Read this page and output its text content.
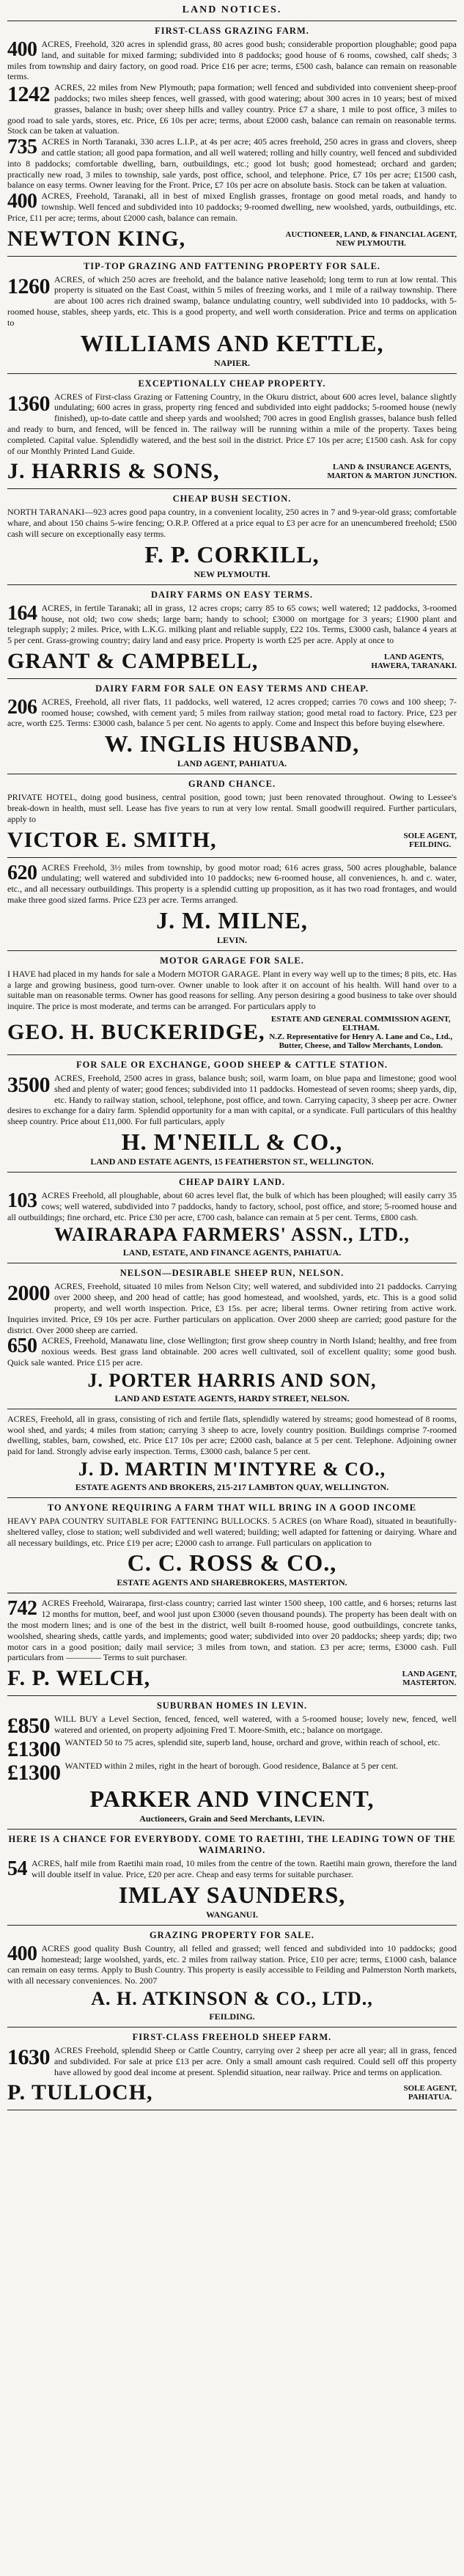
LAND NOTICES.
FIRST-CLASS GRAZING FARM.
400 ACRES, Freehold, 320 acres in splendid grass, 80 acres good bush; considerable proportion ploughable; good papa land, and suitable for mixed farming; subdivided into 8 paddocks; good house of 6 rooms, cowshed, calf sheds; 3 miles from township and dairy factory, on good road. Price £16 per acre; terms, £500 cash, balance can remain on reasonable terms.
1242 ACRES, 22 miles from New Plymouth; papa formation; well fenced and subdivided into convenient sheep-proof paddocks; two miles sheep fences, well grassed, with good watering; about 300 acres in 10 years; best of mixed grasses, balance in bush; over sheep hills and valley country. Price £7 a share, 1 mile to post office, 3 miles to good road to sale yards, stores, etc. Price, £6 10s per acre; terms, about £2000 cash, balance can remain on reasonable terms. Stock can be taken at valuation.
735 ACRES in North Taranaki, 330 acres L.I.P., at 4s per acre; 405 acres freehold, 250 acres in grass and clovers, sheep and cattle station; all good papa formation, and all well watered; rolling and hilly country, well fenced and subdivided into 8 paddocks; comfortable dwelling, barn, outbuildings, etc.; good lot bush; good homestead; orchard and garden; practically new road, 3 miles to township, sale yards, post office, school, and telephone. Price, £7 10s per acre; £1500 cash, balance on easy terms. Owner leaving for the Front. Price, £7 10s per acre on absolute basis. Stock can be taken at valuation.
400 ACRES, Freehold, Taranaki, all in best of mixed English grasses, frontage on good metal roads, and handy to township. Well fenced and subdivided into 10 paddocks; 9-roomed dwelling, new woolshed, yards, outbuildings, etc. Price, £11 per acre; terms, about £2000 cash, balance can remain.
NEWTON KING,	AUCTIONEER, LAND, & FINANCIAL AGENT,
NEW PLYMOUTH.
TIP-TOP GRAZING AND FATTENING PROPERTY FOR SALE.
1260 ACRES, of which 250 acres are freehold, and the balance native leasehold; long term to run at low rental. This property is situated on the East Coast, within 5 miles of freezing works, and 1 mile of a railway township. There are about 100 acres rich drained swamp, balance undulating country, well subdivided into 10 paddocks, with 5-roomed house, stables, sheep yards, etc. This is a good property, and well worth consideration. Price and terms on application to
WILLIAMS AND KETTLE,
NAPIER.
EXCEPTIONALLY CHEAP PROPERTY.
1360 ACRES of First-class Grazing or Fattening Country, in the Okuru district, about 600 acres level, balance slightly undulating; 600 acres in grass, property ring fenced and subdivided into eight paddocks; 5-roomed house (newly finished), up-to-date cattle and sheep yards and woolshed; 700 acres in good English grasses, balance bush felled and ready to burn, and fenced, will be fenced in. The railway will be running within a mile of the property. Taxes being completed. Capital value. Splendidly watered, and the best soil in the district. Price £7 10s per acre; £1500 cash. Ask for copy of our Monthly Printed Land Guide.
J. HARRIS & SONS,	LAND & INSURANCE AGENTS,
MARTON & MARTON JUNCTION.
CHEAP BUSH SECTION.
NORTH TARANAKI—923 acres good papa country, in a convenient locality, 250 acres in 7 and 9-year-old grass; comfortable whare, and about 150 chains 5-wire fencing; O.R.P. Offered at a price equal to £3 per acre for an unencumbered freehold; £500 cash will secure on exceptionally easy terms.
F. P. CORKILL,
NEW PLYMOUTH.
DAIRY FARMS ON EASY TERMS.
164 ACRES, in fertile Taranaki; all in grass, 12 acres crops; carry 85 to 65 cows; well watered; 12 paddocks, 3-roomed house, not old; two cow sheds; large barn; handy to school; £3000 on mortgage for 3 years; £1900 plant and telegraph supply; 2 miles. Price, with L.K.G. milking plant and reliable supply, £22 10s. Terms, £3000 cash, balance 4 years at 5 per cent. Grass-growing country; dairy land and easy price. Property is worth £25 per acre. Apply at once to
GRANT & CAMPBELL,	LAND AGENTS,
HAWERA, TARANAKI.
DAIRY FARM FOR SALE ON EASY TERMS AND CHEAP.
206 ACRES, Freehold, all river flats, 11 paddocks, well watered, 12 acres cropped; carries 70 cows and 100 sheep; 7-roomed house; cowshed, with cement yard; 5 miles from railway station; good metal road to factory. Price, £23 per acre, worth £25. Terms: £3000 cash, balance 5 per cent. No agents to apply. Come and Inspect this before buying elsewhere.
W. INGLIS HUSBAND,
LAND AGENT, PAHIATUA.
GRAND CHANCE.
PRIVATE HOTEL, doing good business, central position, good town; just been renovated throughout. Owing to Lessee's break-down in health, must sell. Lease has five years to run at very low rental. Small goodwill required. Further particulars, apply to
VICTOR E. SMITH,	SOLE AGENT,
FEILDING.
620 ACRES Freehold, 3½ miles from township, by good motor road; 616 acres grass, 500 acres ploughable, balance undulating; well watered and subdivided into 10 paddocks; new 6-roomed house, all conveniences, h. and c. water, etc., and all necessary outbuildings. This property is a splendid cutting up proposition, as it has two road frontages, and would make three good sized farms. Price £23 per acre. Terms arranged.
J. M. MILNE,
LEVIN.
MOTOR GARAGE FOR SALE.
I HAVE had placed in my hands for sale a Modern MOTOR GARAGE. Plant in every way well up to the times; 8 pits, etc. Has a large and growing business, good turn-over. Owner unable to look after it on account of his health. Will hand over to a suitable man on reasonable terms. Owner has good reasons for selling. Any person desiring a good business to take over should inquire. The price is most moderate, and terms can be arranged. For particulars apply to
GEO. H. BUCKERIDGE,
ESTATE AND GENERAL COMMISSION AGENT, ELTHAM.
N.Z. Representative for Henry A. Lane and Co., Ltd., Butter, Cheese, and Tallow Merchants, London.
FOR SALE OR EXCHANGE, GOOD SHEEP & CATTLE STATION.
3500 ACRES, Freehold, 2500 acres in grass, balance bush; soil, warm loam, on blue papa and limestone; good wool shed and plenty of water; good fences; subdivided into 11 paddocks. Homestead of seven rooms; sheep yards, dip, etc. Handy to railway station, school, telephone, post office, and town. Carrying capacity, 3 sheep per acre. Owner desires to exchange for a dairy farm. Splendid opportunity for a man with capital, or a syndicate. Full particulars of this healthy sheep country. Price about £11,000. For full particulars, apply
H. M'NEILL & CO.,
LAND AND ESTATE AGENTS, 15 FEATHERSTON ST., WELLINGTON.
CHEAP DAIRY LAND.
103 ACRES Freehold, all ploughable, about 60 acres level flat, the bulk of which has been ploughed; will easily carry 35 cows; well watered, subdivided into 7 paddocks, handy to factory, school, post office, and store; 5-roomed house and all outbuildings; fine orchard, etc. Price £30 per acre, £700 cash, balance can remain at 5 per cent. Terms, £800 cash.
WAIRARAPA FARMERS' ASSN., LTD.,
LAND, ESTATE, AND FINANCE AGENTS, PAHIATUA.
NELSON—DESIRABLE SHEEP RUN, NELSON.
2000 ACRES, Freehold, situated 10 miles from Nelson City; well watered, and subdivided into 21 paddocks. Carrying over 2000 sheep, and 200 head of cattle; has good homestead, and woolshed, yards, etc. This is a good solid property, and well worth inspection. Price, £3 15s. per acre; liberal terms. Owner retiring from active work. Inquiries invited. Price, £9 10s per acre. Further particulars on application. Over 2000 sheep are carried; good pasture for the district. Over 2000 sheep are carried.
650 ACRES, Freehold, Manawatu line, close Wellington; first grow sheep country in North Island; healthy, and free from noxious weeds. Best grass land obtainable. 200 acres well cultivated, soil of excellent quality; some good bush. Quick sale wanted. Price £15 per acre.
J. PORTER HARRIS AND SON,
LAND AND ESTATE AGENTS, HARDY STREET, NELSON.
ACRES, Freehold, all in grass, consisting of rich and fertile flats, splendidly watered by streams; good homestead of 8 rooms, wool shed, and yards; 4 miles from station; carrying 3 sheep to acre, lovely country position. Buildings comprise 7-roomed dwelling, stables, barn, cowshed, etc. Price £17 10s per acre; £2000 cash, balance at 5 per cent. Telephone. Adjoining owner paid for land. Strongly advise early inspection. Terms, £3000 cash, balance 5 per cent.
J. D. MARTIN M'INTYRE & CO.,
ESTATE AGENTS AND BROKERS, 215-217 LAMBTON QUAY, WELLINGTON.
TO ANYONE REQUIRING A FARM THAT WILL BRING IN A GOOD INCOME
HEAVY PAPA COUNTRY SUITABLE FOR FATTENING BULLOCKS. 5 ACRES (on Whare Road), situated in beautifully-sheltered valley, close to station; well subdivided and well watered; building; well adapted for fattening or dairying. Whare and all necessary buildings, etc. Price £19 per acre; £2000 cash to arrange. Full particulars on application to
C. C. ROSS & CO.,
ESTATE AGENTS AND SHAREBROKERS, MASTERTON.
742 ACRES Freehold, Wairarapa, first-class country; carried last winter 1500 sheep, 100 cattle, and 6 horses; returns last 12 months for mutton, beef, and wool just upon £3000 (seven thousand pounds). The property has been dealt with on the most modern lines; and is one of the best in the district, well built 8-roomed house, good outbuildings, concrete tanks, woolshed, shearing sheds, cattle yards, and implements; good water; subdivided into over 20 paddocks; sheep yards; dip; two motor cars in a good position; daily mail service; 3 miles from town, and station. £3 per acre; terms, £3000 cash. Full particulars from ———— Terms to suit purchaser.
F. P. WELCH,	LAND AGENT,
MASTERTON.
SUBURBAN HOMES IN LEVIN.
£850 WILL BUY a Level Section, fenced, fenced, well watered, with a 5-roomed house; lovely new, fenced, well watered and oriented, on property adjoining Fred T. Moore-Smith, etc.; balance on mortgage.
£1300 WANTED 50 to 75 acres, splendid site, superb land, house, orchard and grove, within reach of school, etc.
£1300 WANTED within 2 miles, right in the heart of borough. Good residence, Balance at 5 per cent.
PARKER AND VINCENT,
Auctioneers, Grain and Seed Merchants, LEVIN.
HERE IS A CHANCE FOR EVERYBODY. COME TO RAETIHI, THE LEADING TOWN OF THE WAIMARINO.
54 ACRES, half mile from Raetihi main road, 10 miles from the centre of the town. Raetihi main grown, therefore the land will double itself in value. Price, £20 per acre. Cheap and easy terms for suitable purchaser.
IMLAY SAUNDERS,
WANGANUI.
GRAZING PROPERTY FOR SALE.
400 ACRES good quality Bush Country, all felled and grassed; well fenced and subdivided into 10 paddocks; good homestead; large woolshed, yards, etc. 2 miles from railway station. Price, £10 per acre; terms, £1000 cash, balance can remain on easy terms. Apply to Bush Country. This property is easily accessible to Feilding and Palmerston North markets, with all necessary conveniences. No. 2007
A. H. ATKINSON & CO., LTD.,
FEILDING.
FIRST-CLASS FREEHOLD SHEEP FARM.
1630 ACRES Freehold, splendid Sheep or Cattle Country, carrying over 2 sheep per acre all year; all in grass, fenced and subdivided. For sale at price £13 per acre. Only a small amount cash required. Could sell off this property have allowed by good deal income at present. Splendid situation, near railway. Price and terms on application.
P. TULLOCH,	SOLE AGENT,
PAHIATUA.
